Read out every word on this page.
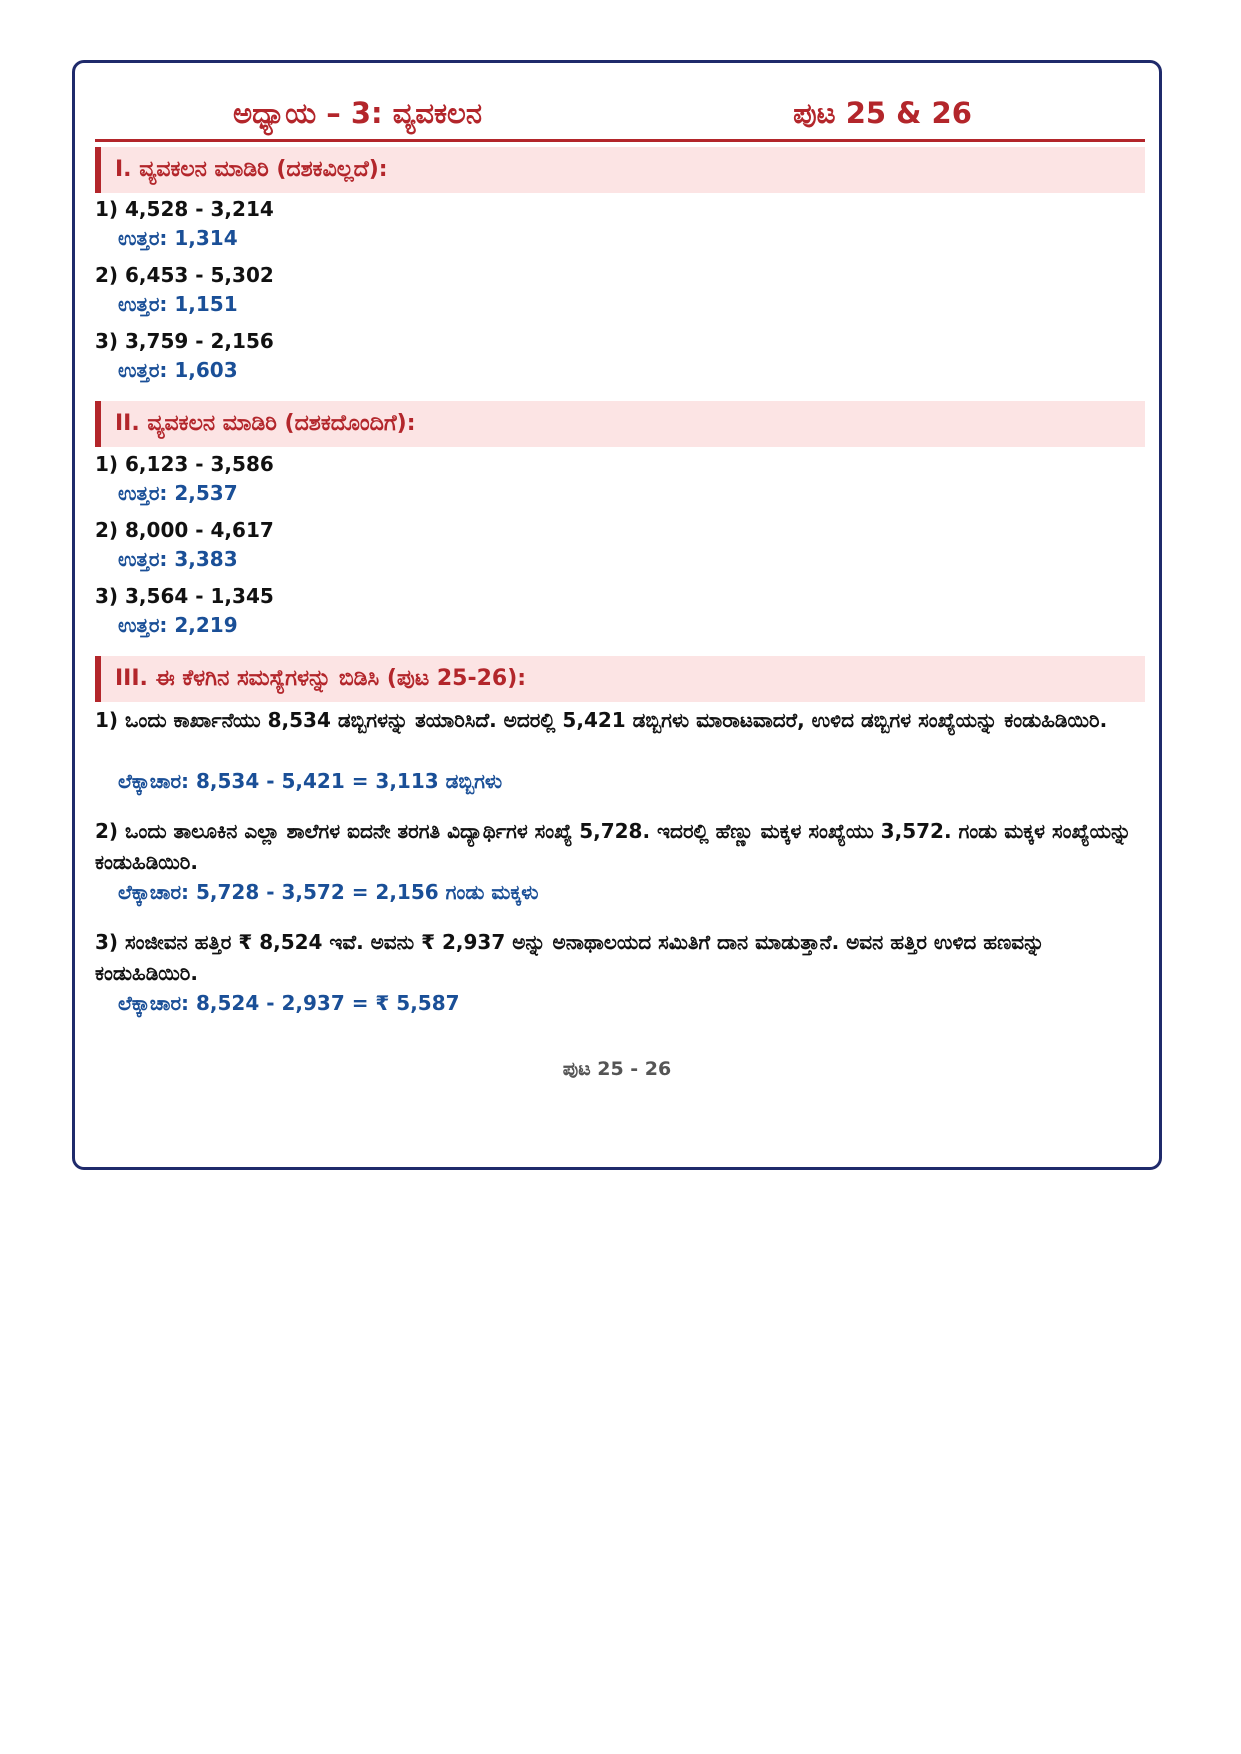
ಅಧ್ಯಾಯ – 3: ವ್ಯವಕಲನ	ಪುಟ 25 & 26
I. ವ್ಯವಕಲನ ಮಾಡಿರಿ (ದಶಕವಿಲ್ಲದೆ):
1) 4,528 - 3,214
ಉತ್ತರ: 1,314
2) 6,453 - 5,302
ಉತ್ತರ: 1,151
3) 3,759 - 2,156
ಉತ್ತರ: 1,603
II. ವ್ಯವಕಲನ ಮಾಡಿರಿ (ದಶಕದೊಂದಿಗೆ):
1) 6,123 - 3,586
ಉತ್ತರ: 2,537
2) 8,000 - 4,617
ಉತ್ತರ: 3,383
3) 3,564 - 1,345
ಉತ್ತರ: 2,219
III. ಈ ಕೆಳಗಿನ ಸಮಸ್ಯೆಗಳನ್ನು ಬಿಡಿಸಿ (ಪುಟ 25-26):
1) ಒಂದು ಕಾರ್ಖಾನೆಯು 8,534 ಡಬ್ಬಿಗಳನ್ನು ತಯಾರಿಸಿದೆ. ಅದರಲ್ಲಿ 5,421 ಡಬ್ಬಿಗಳು ಮಾರಾಟವಾದರೆ, ಉಳಿದ ಡಬ್ಬಿಗಳ ಸಂಖ್ಯೆಯನ್ನು ಕಂಡುಹಿಡಿಯಿರಿ.
ಲೆಕ್ಕಾಚಾರ: 8,534 - 5,421 = 3,113 ಡಬ್ಬಿಗಳು
2) ಒಂದು ತಾಲೂಕಿನ ಎಲ್ಲಾ ಶಾಲೆಗಳ ಐದನೇ ತರಗತಿ ವಿದ್ಯಾರ್ಥಿಗಳ ಸಂಖ್ಯೆ 5,728. ಇದರಲ್ಲಿ ಹೆಣ್ಣು ಮಕ್ಕಳ ಸಂಖ್ಯೆಯು 3,572. ಗಂಡು ಮಕ್ಕಳ ಸಂಖ್ಯೆಯನ್ನು ಕಂಡುಹಿಡಿಯಿರಿ.
ಲೆಕ್ಕಾಚಾರ: 5,728 - 3,572 = 2,156 ಗಂಡು ಮಕ್ಕಳು
3) ಸಂಜೀವನ ಹತ್ತಿರ ₹ 8,524 ಇವೆ. ಅವನು ₹ 2,937 ಅನ್ನು ಅನಾಥಾಲಯದ ಸಮಿತಿಗೆ ದಾನ ಮಾಡುತ್ತಾನೆ. ಅವನ ಹತ್ತಿರ ಉಳಿದ ಹಣವನ್ನು ಕಂಡುಹಿಡಿಯಿರಿ.
ಲೆಕ್ಕಾಚಾರ: 8,524 - 2,937 = ₹ 5,587
ಪುಟ 25 - 26
